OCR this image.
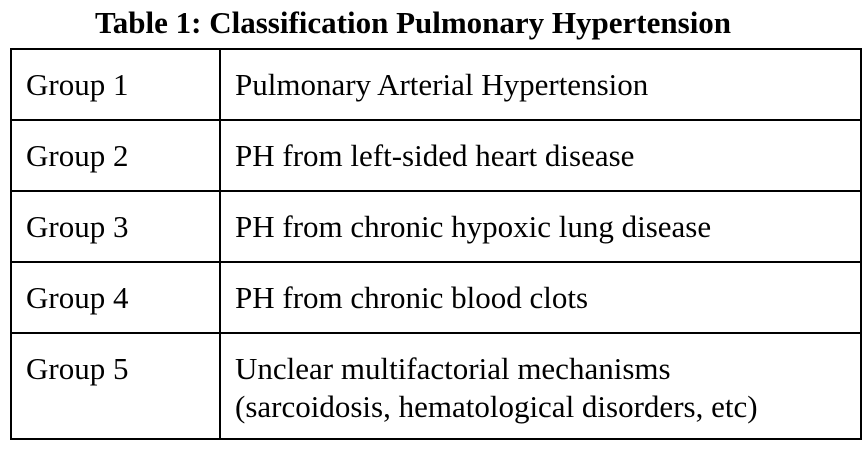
Table 1: Classification Pulmonary Hypertension
Group 1	Pulmonary Arterial Hypertension
Group 2	PH from left-sided heart disease
Group 3	PH from chronic hypoxic lung disease
Group 4	PH from chronic blood clots
Group 5	Unclear multifactorial mechanisms
(sarcoidosis, hematological disorders, etc)
